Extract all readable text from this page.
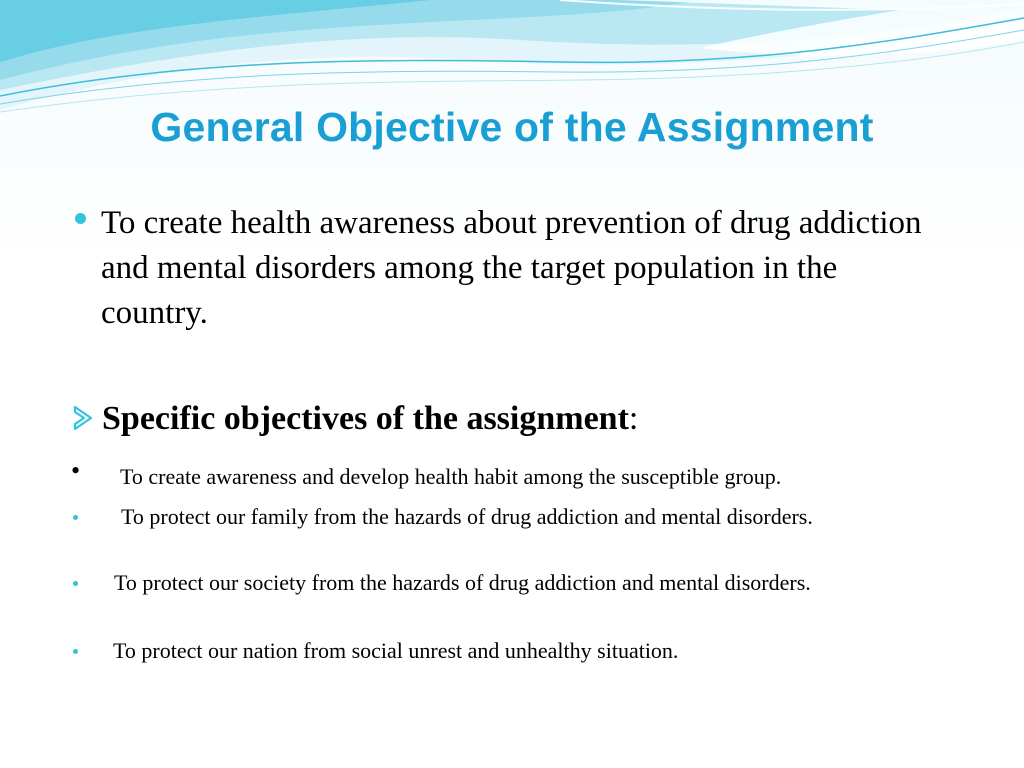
General Objective of the Assignment
To create health awareness about prevention of drug addiction and mental disorders among the target population in the country.
Specific objectives of the assignment:
• To create awareness and develop health habit among the susceptible group.
To protect our family from the hazards of drug addiction and mental disorders.
To protect our society from the hazards of drug addiction and mental disorders.
To protect our nation from social unrest and unhealthy situation.
